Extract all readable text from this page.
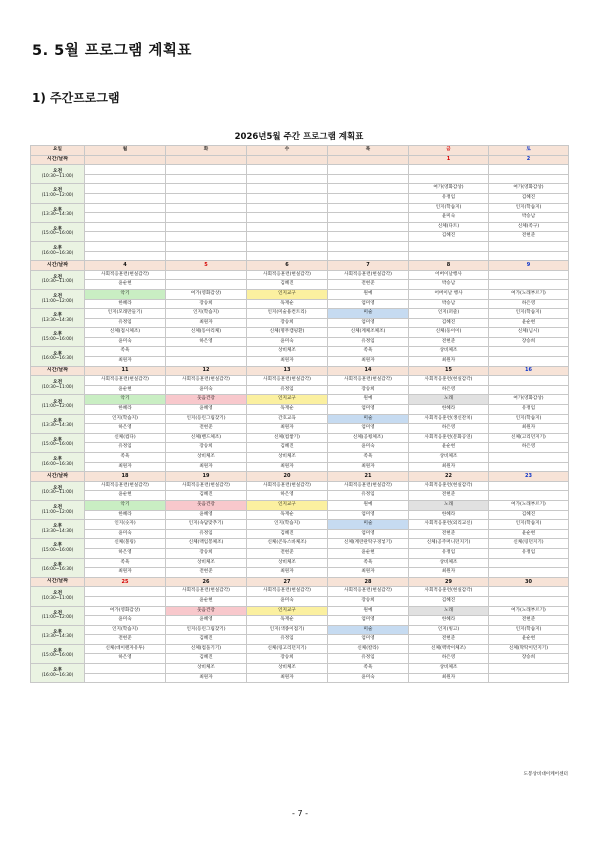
5. 5월 프로그램 계획표
1) 주간프로그램
2026년5월 주간 프로그램 계획표
요일	월	화	수	목	금	토
시간/날짜					1	2
오전
(10:30~11:00)						

오전
(11:00~12:00)					여가(영화감상)	여가(영화감상)
					유정임	김혜진
오후
(13:30~14:30)					인지(학습지)	인지(학습지)
					윤미숙	박승남
오후
(15:00~16:00)					신체(다트)	신체(족구)
					김혜진	전현준
오후
(16:00~16:30)						

시간/날짜	4	5	6	7	8	9
오전
(10:30~11:00)	사회적응훈련(현실감각)		사회적응훈련(현실감각)	사회적응훈련(현실감각)	어버이날행사	
	윤순현		김혜진	전현준	박승남	
오전
(11:00~12:00)	악기	여가(영화감상)	인지교구	원예	어버이날 행사	여가(노래부르기)
	한혜라	장승희	독재순	엄미영	박승남	하은영
오후
(13:30~14:30)	인지(모래만들기)	인지(학습지)	인지(미술용컨트리)	미술	인지(퍼즐)	인지(학습지)
	유정임	최원자	장승희	엄미영	김혜진	윤순현
오후
(15:00~16:00)	신체(접시체조)	신체(동아리체)	신체(명무캠핑환)	신체(계체조체조)	신체(둥이이)	신체(님시)
	윤미숙	하은영	윤미숙	유정임	전현준	장승희
오후
(16:00~16:30)	족욕		상비체조	족욕	상비체조	
	최원자		최원자	최원자	최원자	
시간/날짜	11	12	13	14	15	16
오전
(10:30~11:00)	사회적응훈련(현실감각)	사회적응훈련(현실감각)	사회적응훈련(현실감각)	사회적응훈련(현실감각)	사회적응훈련(현실감각)	
	윤순현	윤미숙	유정임	장승희	하은영	
오전
(11:00~12:00)	악기	웃음건강	인지교구	원예	노래	여가(영화감상)
	한혜라	윤혜영	독재순	엄미영	한혜라	유정임
오후
(13:30~14:30)	인지(학습지)	인지(등린그림찾기)	간호교육	미술	사회적응훈련(생신잔치)	인지(학습지)
	하은영	전현준	최원자	엄미영	하은영	최원자
오후
(15:00~16:00)	신체(컵다)	신체(밴드체조)	신체(컵쌓기)	신체(공튕체조)	사회적응훈련(문화공연)	신체(고리던지기)
	유정임	장승희	김혜진	윤미숙	윤순현	하은영
오후
(16:00~16:30)	족욕	상비체조	상비체조	족욕	상비체조	
	최원자	최원자	최원자	최원자	최원자	
시간/날짜	18	19	20	21	22	23
오전
(10:30~11:00)	사회적응훈련(현실감각)	사회적응훈련(현실감각)	사회적응훈련(현실감각)	사회적응훈련(현실감각)	사회적응훈련(현실감각)	
	윤순현	김혜진	하은영	유정임	전현준	
오전
(11:00~12:00)	악기	웃음건강	인지교구	원예	노래	여가(노래부르기)
	한혜라	윤혜영	독재순	엄미영	한혜라	김혜진
오후
(13:30~14:30)	인지(숫자)	인지(속담맞추기)	인지(학습지)	미술	사회적응훈련(외리교신)	인지(학습지)
	윤미숙	유정임	김혜진	엄미영	전현준	윤순현
오후
(15:00~16:00)	신체(볼링)	신체(맥임봉체조)	신체(콘독스바체조)	신체(계란관딱구경넣기)	신체(공주머니던지기)	신체(링던지기)
	하은영	장승희	전현준	윤순현	유정임	유정임
오후
(16:00~16:30)	족욕	상비체조	상비체조	족욕	상비체조	
	최원자	전현준	최원자	최원자	최원자	
시간/날짜	25	26	27	28	29	30
오전
(10:30~11:00)		사회적응훈련(현실감각)	사회적응훈련(현실감각)	사회적응훈련(현실감각)	사회적응훈련(현실감각)	
		윤순현	윤미숙	장승희	김혜진	
오전
(11:00~12:00)	여가(영화감상)	웃음건강	인지교구	원예	노래	여가(노래부르기)
	윤미숙	윤혜영	독재순	엄미영	한혜라	전현준
오후
(13:30~14:30)	인지(학습지)	인지(등린그림찾기)	인지(색종이접기)	미술	인지(빙고)	인지(학습지)
	전현준	김혜진	유정임	엄미영	전현준	윤순현
오후
(15:00~16:00)	신체(데이렌자유투)	신체(컵돌기기)	신체(링고리던지기)	신체(칼라)	신체(맥박이체조)	신체(딱딱이던지기)
	하은영	김혜진	장승희	유정임	하은영	장승희
오후
(16:00~16:30)		상비체조	상비체조	족욕	상비체조	
		최원자	최원자	윤미숙	최원자	
도봉상비대이케어센터
- 7 -
